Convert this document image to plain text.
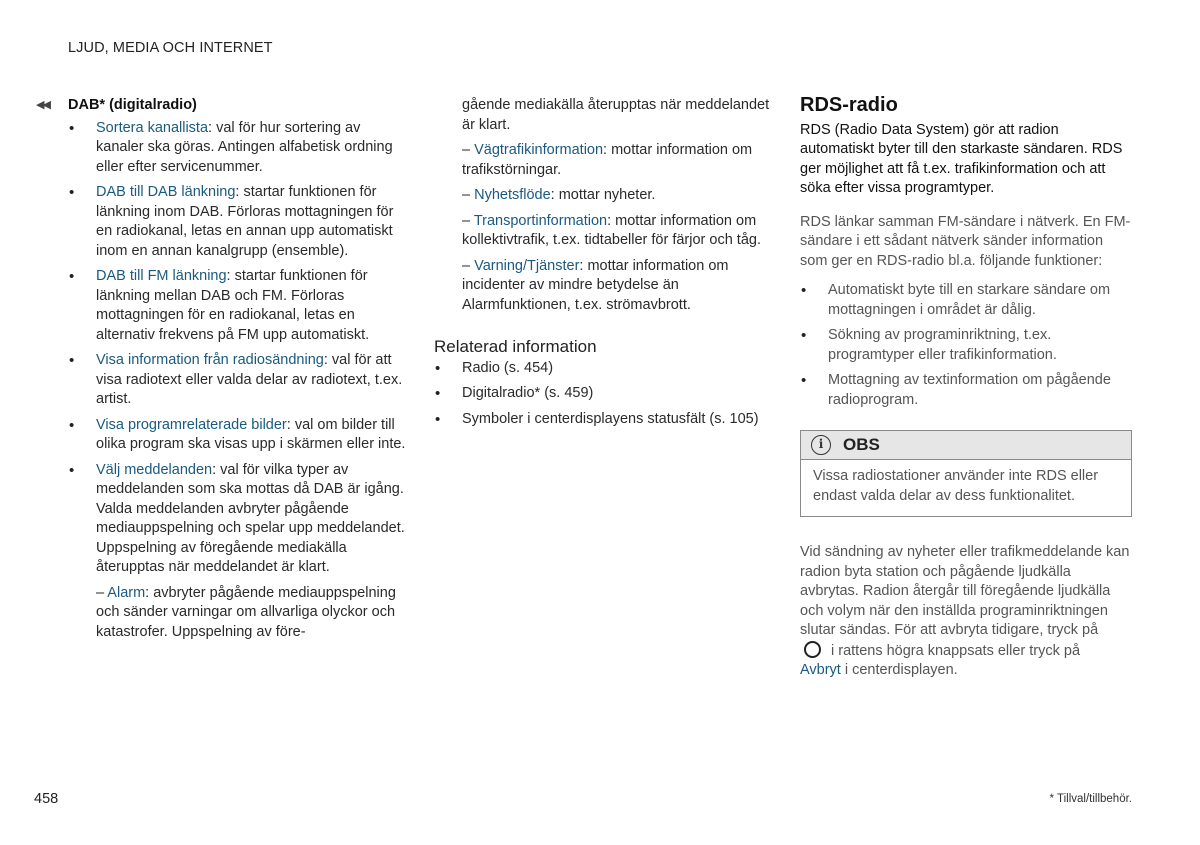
LJUD, MEDIA OCH INTERNET
◀◀ DAB* (digitalradio)
• Sortera kanallista: val för hur sortering av kanaler ska göras. Antingen alfabetisk ordning eller efter servicenummer.
• DAB till DAB länkning: startar funktionen för länkning inom DAB. Förloras mottagningen för en radiokanal, letas en annan upp automatiskt inom en annan kanalgrupp (ensemble).
• DAB till FM länkning: startar funktionen för länkning mellan DAB och FM. Förloras mottagningen för en radiokanal, letas en alternativ frekvens på FM upp automatiskt.
• Visa information från radiosändning: val för att visa radiotext eller valda delar av radiotext, t.ex. artist.
• Visa programrelaterade bilder: val om bilder till olika program ska visas upp i skärmen eller inte.
• Välj meddelanden: val för vilka typer av meddelanden som ska mottas då DAB är igång. Valda meddelanden avbryter pågående mediauppspelning och spelar upp meddelandet. Uppspelning av föregående mediakälla återupptas när meddelandet är klart.
– Alarm: avbryter pågående mediauppspelning och sänder varningar om allvarliga olyckor och katastrofer. Uppspelning av före-

gående mediakälla återupptas när meddelandet är klart.

– Vägtrafikinformation: mottar information om trafikstörningar.

– Nyhetsflöde: mottar nyheter.

– Transportinformation: mottar information om kollektivtrafik, t.ex. tidtabeller för färjor och tåg.

– Varning/Tjänster: mottar information om incidenter av mindre betydelse än Alarmfunktionen, t.ex. strömavbrott.

Relaterad information
• Radio (s. 454)
• Digitalradio* (s. 459)
• Symboler i centerdisplayens statusfält (s. 105)
RDS-radio
RDS (Radio Data System) gör att radion automatiskt byter till den starkaste sändaren. RDS ger möjlighet att få t.ex. trafikinformation och att söka efter vissa programtyper.

RDS länkar samman FM-sändare i nätverk. En FM-sändare i ett sådant nätverk sänder information som ger en RDS-radio bl.a. följande funktioner:

• Automatiskt byte till en starkare sändare om mottagningen i området är dålig.
• Sökning av programinriktning, t.ex. programtyper eller trafikinformation.
• Mottagning av textinformation om pågående radioprogram.
i	OBS
Vissa radiostationer använder inte RDS eller endast valda delar av dess funktionalitet.

Vid sändning av nyheter eller trafikmeddelande kan radion byta station och pågående ljudkälla avbrytas. Radion återgår till föregående ljudkälla och volym när den inställda programinriktningen slutar sändas. För att avbryta tidigare, tryck på
i rattens högra knappsats eller tryck på
Avbryt i centerdisplayen.

458	* Tillval/tillbehör.
